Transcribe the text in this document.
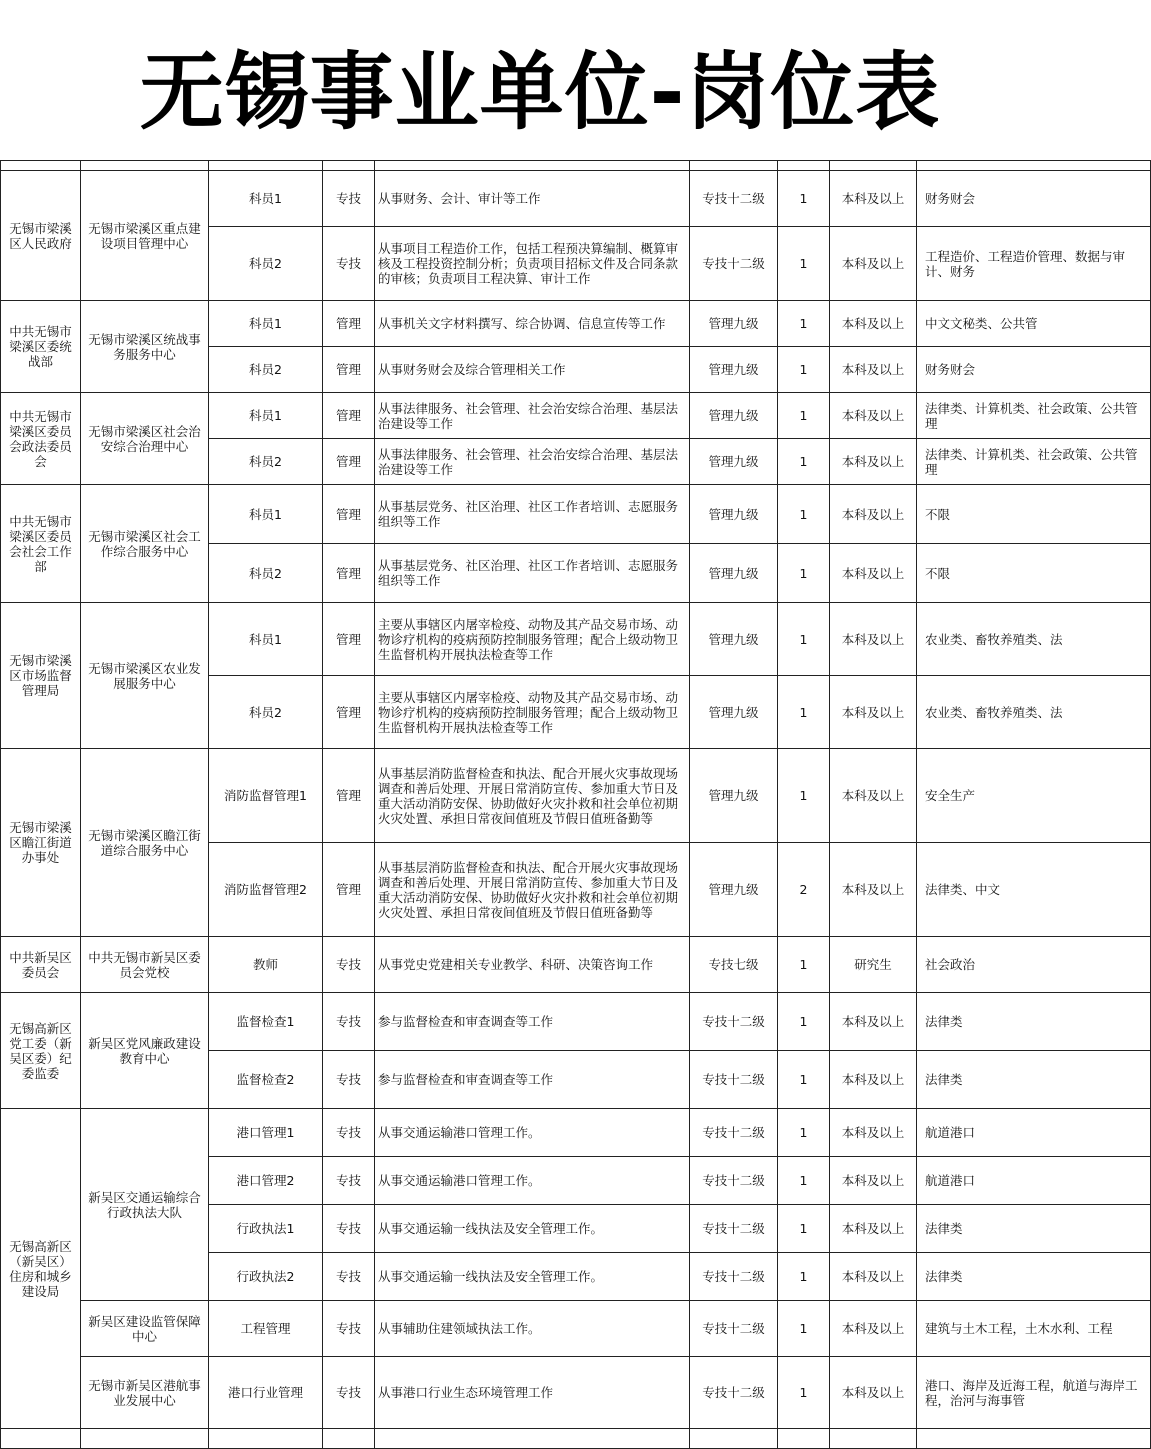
无锡事业单位-岗位表

无锡市梁溪区人民政府	无锡市梁溪区重点建设项目管理中心	科员1	专技	从事财务、会计、审计等工作	专技十二级	1	本科及以上	财务财会
		科员2	专技	从事项目工程造价工作，包括工程预决算编制、概算审核及工程投资控制分析；负责项目招标文件及合同条款的审核；负责项目工程决算、审计工作	专技十二级	1	本科及以上	工程造价、工程造价管理、数据与审计、财务
中共无锡市梁溪区委统战部	无锡市梁溪区统战事务服务中心	科员1	管理	从事机关文字材料撰写、综合协调、信息宣传等工作	管理九级	1	本科及以上	中文文秘类、公共管
		科员2	管理	从事财务财会及综合管理相关工作	管理九级	1	本科及以上	财务财会
中共无锡市梁溪区委员会政法委员会	无锡市梁溪区社会治安综合治理中心	科员1	管理	从事法律服务、社会管理、社会治安综合治理、基层法治建设等工作	管理九级	1	本科及以上	法律类、计算机类、社会政策、公共管理
		科员2	管理	从事法律服务、社会管理、社会治安综合治理、基层法治建设等工作	管理九级	1	本科及以上	法律类、计算机类、社会政策、公共管理
中共无锡市梁溪区委员会社会工作部	无锡市梁溪区社会工作综合服务中心	科员1	管理	从事基层党务、社区治理、社区工作者培训、志愿服务组织等工作	管理九级	1	本科及以上	不限
		科员2	管理	从事基层党务、社区治理、社区工作者培训、志愿服务组织等工作	管理九级	1	本科及以上	不限
无锡市梁溪区市场监督管理局	无锡市梁溪区农业发展服务中心	科员1	管理	主要从事辖区内屠宰检疫、动物及其产品交易市场、动物诊疗机构的疫病预防控制服务管理；配合上级动物卫生监督机构开展执法检查等工作	管理九级	1	本科及以上	农业类、畜牧养殖类、法
		科员2	管理	主要从事辖区内屠宰检疫、动物及其产品交易市场、动物诊疗机构的疫病预防控制服务管理；配合上级动物卫生监督机构开展执法检查等工作	管理九级	1	本科及以上	农业类、畜牧养殖类、法
无锡市梁溪区瞻江街道办事处	无锡市梁溪区瞻江街道综合服务中心	消防监督管理1	管理	从事基层消防监督检查和执法、配合开展火灾事故现场调查和善后处理、开展日常消防宣传、参加重大节日及重大活动消防安保、协助做好火灾扑救和社会单位初期火灾处置、承担日常夜间值班及节假日值班备勤等	管理九级	1	本科及以上	安全生产
		消防监督管理2	管理	从事基层消防监督检查和执法、配合开展火灾事故现场调查和善后处理、开展日常消防宣传、参加重大节日及重大活动消防安保、协助做好火灾扑救和社会单位初期火灾处置、承担日常夜间值班及节假日值班备勤等	管理九级	2	本科及以上	法律类、中文
中共新吴区委员会	中共无锡市新吴区委员会党校	教师	专技	从事党史党建相关专业教学、科研、决策咨询工作	专技七级	1	研究生	社会政治
无锡高新区党工委（新吴区委）纪委监委	新吴区党风廉政建设教育中心	监督检查1	专技	参与监督检查和审查调查等工作	专技十二级	1	本科及以上	法律类
		监督检查2	专技	参与监督检查和审查调查等工作	专技十二级	1	本科及以上	法律类
无锡高新区（新吴区）住房和城乡建设局	新吴区交通运输综合行政执法大队	港口管理1	专技	从事交通运输港口管理工作。	专技十二级	1	本科及以上	航道港口
		港口管理2	专技	从事交通运输港口管理工作。	专技十二级	1	本科及以上	航道港口
		行政执法1	专技	从事交通运输一线执法及安全管理工作。	专技十二级	1	本科及以上	法律类
		行政执法2	专技	从事交通运输一线执法及安全管理工作。	专技十二级	1	本科及以上	法律类
	新吴区建设监管保障中心	工程管理	专技	从事辅助住建领域执法工作。	专技十二级	1	本科及以上	建筑与土木工程，土木水利、工程
	无锡市新吴区港航事业发展中心	港口行业管理	专技	从事港口行业生态环境管理工作	专技十二级	1	本科及以上	港口、海岸及近海工程，航道与海岸工程，治河与海事管
